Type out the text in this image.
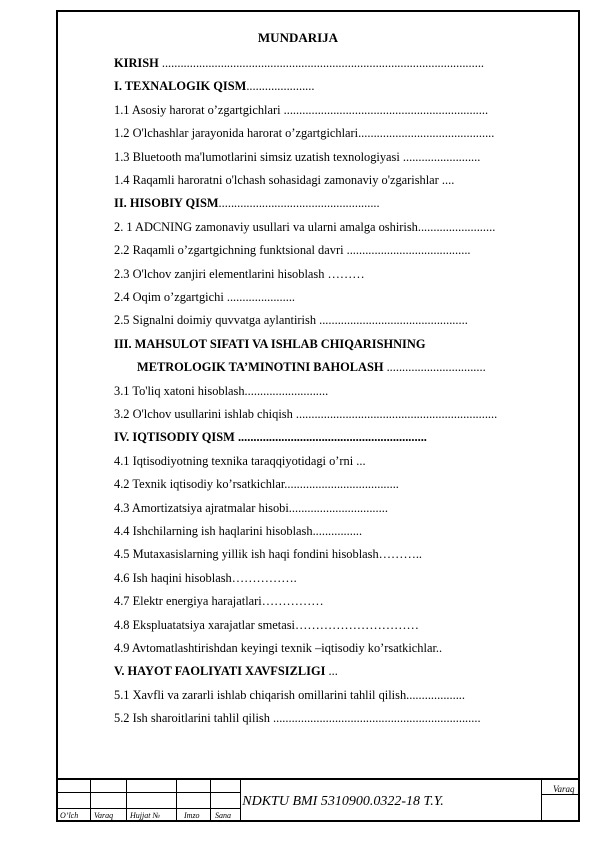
MUNDARIJA
KIRISH ........................................................................................................
I. TEXNALOGIK QISM......................
1.1 Asosiy harorat o’zgartgichlari ..................................................................
1.2 O'lchashlar jarayonida harorat o’zgartgichlari............................................
1.3 Bluetooth ma'lumotlarini simsiz uzatish texnologiyasi .........................
1.4 Raqamli haroratni o'lchash sohasidagi zamonaviy o'zgarishlar ....
II. HISOBIY QISM....................................................
2. 1 ADCNING zamonaviy usullari va ularni amalga oshirish.........................
2.2 Raqamli o’zgartgichning funktsional davri ........................................
2.3 O'lchov zanjiri elementlarini hisoblash ………
2.4 Oqim o’zgartgichi ......................
2.5 Signalni doimiy quvvatga aylantirish ................................................
III. MAHSULOT SIFATI VA ISHLAB CHIQARISHNING
METROLOGIK TA’MINOTINI BAHOLASH ................................
3.1 To'liq xatoni hisoblash...........................
3.2 O'lchov usullarini ishlab chiqish .................................................................
IV. IQTISODIY QISM .............................................................
4.1 Iqtisodiyotning texnika taraqqiyotidagi o’rni ...
4.2 Texnik iqtisodiy ko’rsatkichlar.....................................
4.3 Amortizatsiya ajratmalar hisobi................................
4.4 Ishchilarning ish haqlarini hisoblash................
4.5 Mutaxasislarning yillik ish haqi fondini hisoblash………..
4.6 Ish haqini hisoblash…………….
4.7 Elektr energiya harajatlari……………
4.8 Ekspluatatsiya xarajatlar smetasi…………………………
4.9 Avtomatlashtirishdan keyingi texnik –iqtisodiy ko’rsatkichlar..
V. HAYOT FAOLIYATI XAVFSIZLIGI ...
5.1 Xavfli va zararli ishlab chiqarish omillarini tahlil qilish...................
5.2 Ish sharoitlarini tahlil qilish ...................................................................
O’lch Varaq Hujjat №	Imzo Sana
NDKTU BMI 5310900.0322-18 T.Y.
Varaq
